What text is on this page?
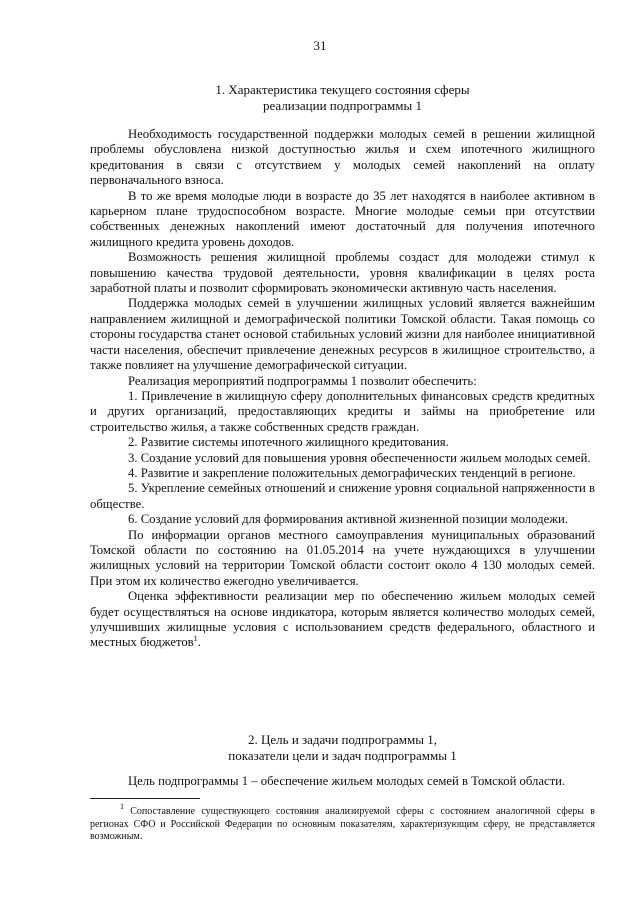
31
1. Характеристика текущего состояния сферы
реализации подпрограммы 1

Необходимость государственной поддержки молодых семей в решении жилищной проблемы обусловлена низкой доступностью жилья и схем ипотечного жилищного кредитования в связи с отсутствием у молодых семей накоплений на оплату первоначального взноса.

В то же время молодые люди в возрасте до 35 лет находятся в наиболее активном в карьерном плане трудоспособном возрасте. Многие молодые семьи при отсутствии собственных денежных накоплений имеют достаточный для получения ипотечного жилищного кредита уровень доходов.

Возможность решения жилищной проблемы создаст для молодежи стимул к повышению качества трудовой деятельности, уровня квалификации в целях роста заработной платы и позволит сформировать экономически активную часть населения.

Поддержка молодых семей в улучшении жилищных условий является важнейшим направлением жилищной и демографической политики Томской области. Такая помощь со стороны государства станет основой стабильных условий жизни для наиболее инициативной части населения, обеспечит привлечение денежных ресурсов в жилищное строительство, а также повлияет на улучшение демографической ситуации.

Реализация мероприятий подпрограммы 1 позволит обеспечить:

1. Привлечение в жилищную сферу дополнительных финансовых средств кредитных и других организаций, предоставляющих кредиты и займы на приобретение или строительство жилья, а также собственных средств граждан.

2. Развитие системы ипотечного жилищного кредитования.

3. Создание условий для повышения уровня обеспеченности жильем молодых семей.

4. Развитие и закрепление положительных демографических тенденций в регионе.

5. Укрепление семейных отношений и снижение уровня социальной напряженности в обществе.

6. Создание условий для формирования активной жизненной позиции молодежи.

По информации органов местного самоуправления муниципальных образований Томской области по состоянию на 01.05.2014 на учете нуждающихся в улучшении жилищных условий на территории Томской области состоит около 4 130 молодых семей. При этом их количество ежегодно увеличивается.

Оценка эффективности реализации мер по обеспечению жильем молодых семей будет осуществляться на основе индикатора, которым является количество молодых семей, улучшивших жилищные условия с использованием средств федерального, областного и местных бюджетов$^1$.

2. Цель и задачи подпрограммы 1,
показатели цели и задач подпрограммы 1

Цель подпрограммы 1 – обеспечение жильем молодых семей в Томской области.

$^1$ Сопоставление существующего состояния анализируемой сферы с состоянием аналогичной сферы в регионах СФО и Российской Федерации по основным показателям, характеризующим сферу, не представляется возможным.
